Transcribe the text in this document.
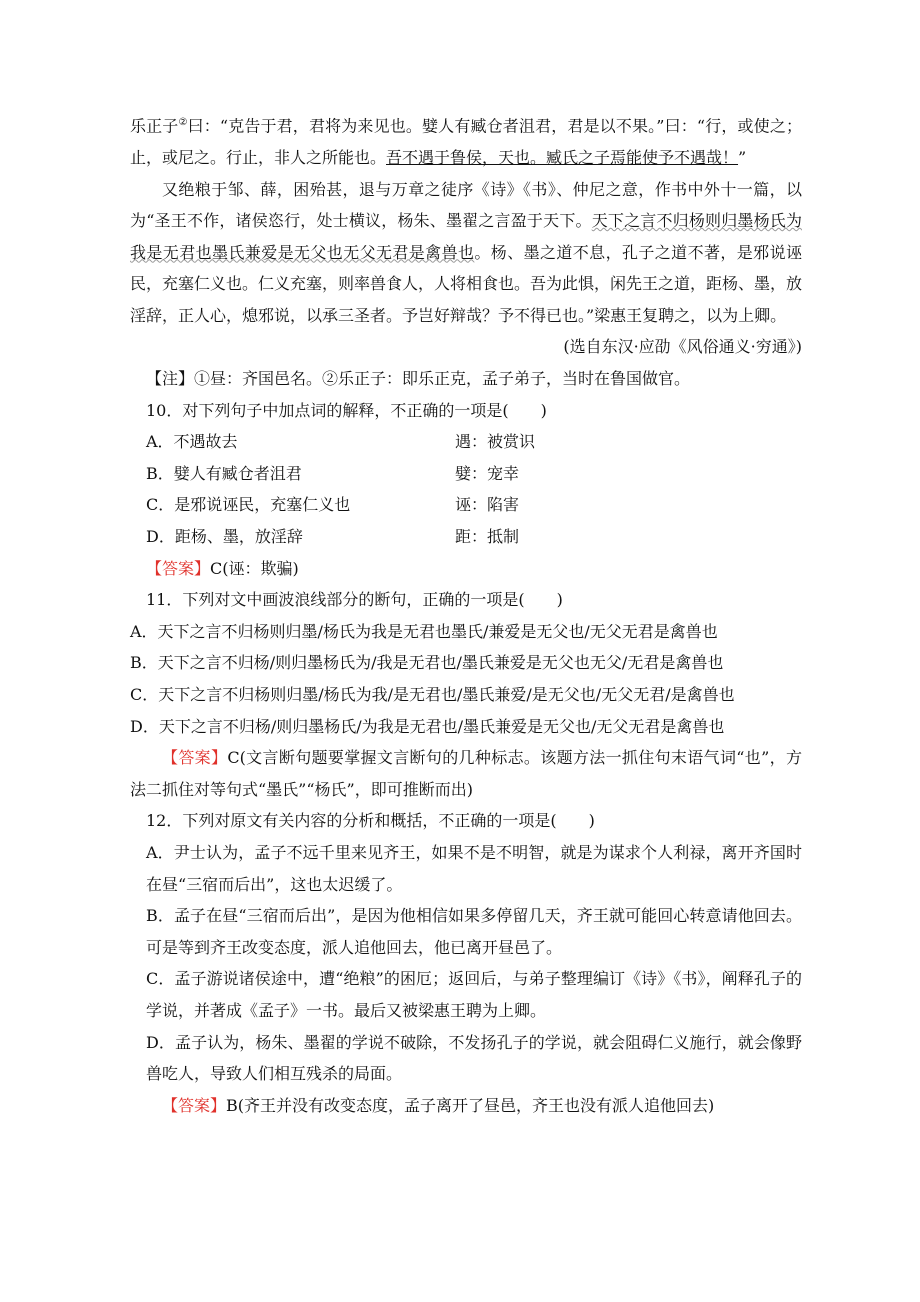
乐正子②曰：“克告于君，君将为来见也。嬖人有臧仓者沮君，君是以不果。”曰：“行，或使之；止，或尼之。行止，非人之所能也。吾不遇于鲁侯，天也。臧氏之子焉能使予不遇哉！”

又绝粮于邹、薛，困殆甚，退与万章之徒序《诗》《书》、仲尼之意，作书中外十一篇，以为“圣王不作，诸侯恣行，处士横议，杨朱、墨翟之言盈于天下。天下之言不归杨则归墨杨氏为我是无君也墨氏兼爱是无父也无父无君是禽兽也。杨、墨之道不息，孔子之道不著，是邪说诬民，充塞仁义也。仁义充塞，则率兽食人，人将相食也。吾为此惧，闲先王之道，距杨、墨，放淫辞，正人心，熄邪说，以承三圣者。予岂好辩哉？予不得已也。”梁惠王复聘之，以为上卿。

(选自东汉·应劭《风俗通义·穷通》)

【注】①昼：齐国邑名。②乐正子：即乐正克，孟子弟子，当时在鲁国做官。

10．对下列句子中加点词的解释，不正确的一项是(　　)

A．不遇故去	遇：被赏识
B．嬖人有臧仓者沮君	嬖：宠幸
C．是邪说诬民，充塞仁义也	诬：陷害
D．距杨、墨，放淫辞	距：抵制

【答案】C(诬：欺骗)

11．下列对文中画波浪线部分的断句，正确的一项是(　　)

A．天下之言不归杨则归墨/杨氏为我是无君也墨氏/兼爱是无父也/无父无君是禽兽也

B．天下之言不归杨/则归墨杨氏为/我是无君也/墨氏兼爱是无父也无父/无君是禽兽也

C．天下之言不归杨则归墨/杨氏为我/是无君也/墨氏兼爱/是无父也/无父无君/是禽兽也

D．天下之言不归杨/则归墨杨氏/为我是无君也/墨氏兼爱是无父也/无父无君是禽兽也

【答案】C(文言断句题要掌握文言断句的几种标志。该题方法一抓住句末语气词“也”，方法二抓住对等句式“墨氏”“杨氏”，即可推断而出)

12．下列对原文有关内容的分析和概括，不正确的一项是(　　)

A．尹士认为，孟子不远千里来见齐王，如果不是不明智，就是为谋求个人利禄，离开齐国时在昼“三宿而后出”，这也太迟缓了。

B．孟子在昼“三宿而后出”，是因为他相信如果多停留几天，齐王就可能回心转意请他回去。可是等到齐王改变态度，派人追他回去，他已离开昼邑了。

C．孟子游说诸侯途中，遭“绝粮”的困厄；返回后，与弟子整理编订《诗》《书》，阐释孔子的学说，并著成《孟子》一书。最后又被梁惠王聘为上卿。

D．孟子认为，杨朱、墨翟的学说不破除，不发扬孔子的学说，就会阻碍仁义施行，就会像野兽吃人，导致人们相互残杀的局面。

【答案】B(齐王并没有改变态度，孟子离开了昼邑，齐王也没有派人追他回去)
